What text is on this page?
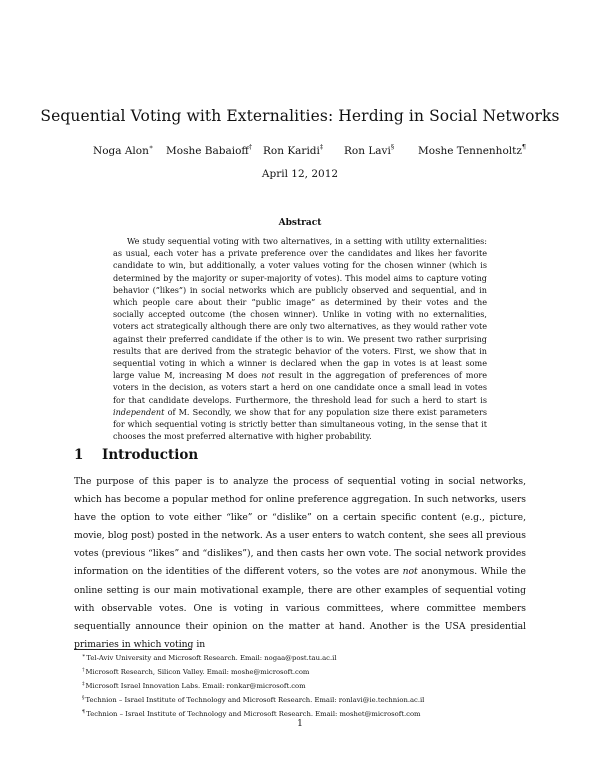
Sequential Voting with Externalities: Herding in Social Networks
Noga Alon∗ Moshe Babaioff† Ron Karidi‡ Ron Lavi§ Moshe Tennenholtz¶
April 12, 2012
Abstract

We study sequential voting with two alternatives, in a setting with utility externalities: as usual, each voter has a private preference over the candidates and likes her favorite candidate to win, but additionally, a voter values voting for the chosen winner (which is determined by the majority or super-majority of votes). This model aims to capture voting behavior (”likes”) in social networks which are publicly observed and sequential, and in which people care about their ”public image” as determined by their votes and the socially accepted outcome (the chosen winner). Unlike in voting with no externalities, voters act strategically although there are only two alternatives, as they would rather vote against their preferred candidate if the other is to win. We present two rather surprising results that are derived from the strategic behavior of the voters. First, we show that in sequential voting in which a winner is declared when the gap in votes is at least some large value M, increasing M does not result in the aggregation of preferences of more voters in the decision, as voters start a herd on one candidate once a small lead in votes for that candidate develops. Furthermore, the threshold lead for such a herd to start is independent of M. Secondly, we show that for any population size there exist parameters for which sequential voting is strictly better than simultaneous voting, in the sense that it chooses the most preferred alternative with higher probability.

1 Introduction

The purpose of this paper is to analyze the process of sequential voting in social networks, which has become a popular method for online preference aggregation. In such networks, users have the option to vote either “like” or “dislike” on a certain specific content (e.g., picture, movie, blog post) posted in the network. As a user enters to watch content, she sees all previous votes (previous “likes” and “dislikes”), and then casts her own vote. The social network provides information on the identities of the different voters, so the votes are not anonymous. While the online setting is our main motivational example, there are other examples of sequential voting with observable votes. One is voting in various committees, where committee members sequentially announce their opinion on the matter at hand. Another is the USA presidential primaries in which voting in

∗Tel-Aviv University and Microsoft Research. Email: nogaa@post.tau.ac.il
†Microsoft Research, Silicon Valley. Email: moshe@microsoft.com
‡Microsoft Israel Innovation Labs. Email: ronkar@microsoft.com
§Technion – Israel Institute of Technology and Microsoft Research. Email: ronlavi@ie.technion.ac.il
¶Technion – Israel Institute of Technology and Microsoft Research. Email: moshet@microsoft.com
1
